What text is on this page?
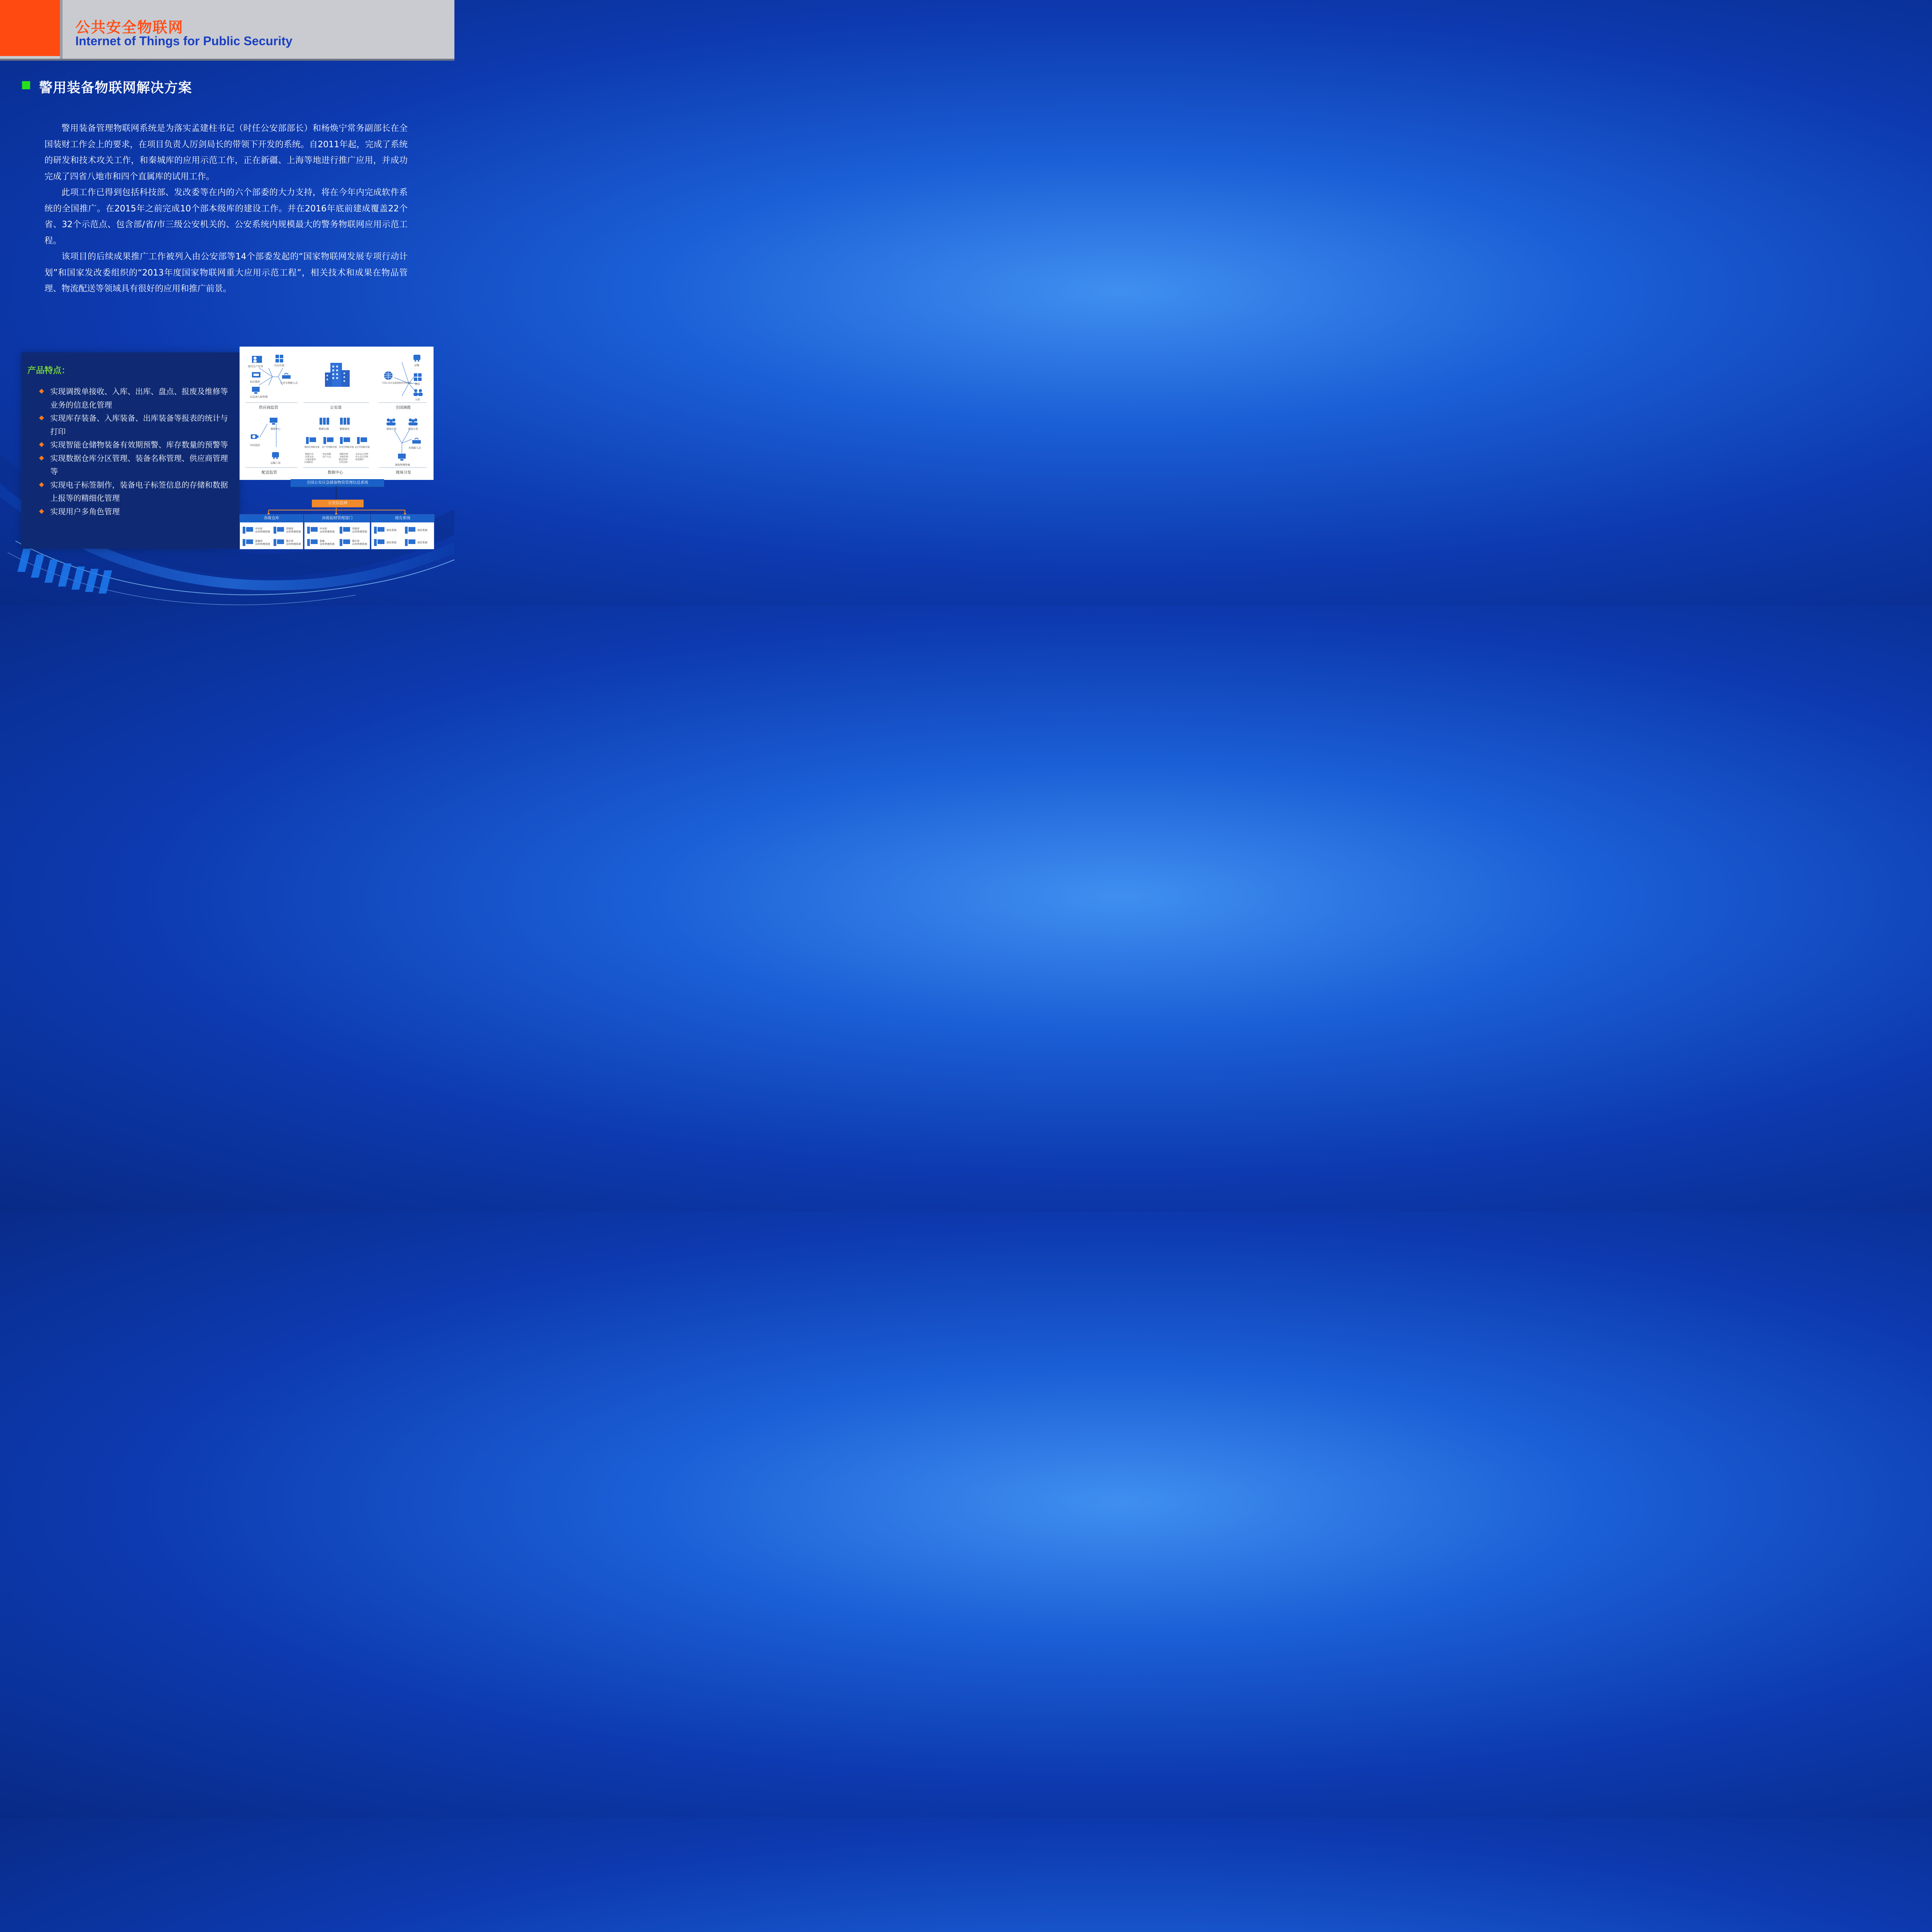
公共安全物联网
Internet of Things for Public Security
警用装备物联网解决方案

警用装备管理物联网系统是为落实孟建柱书记（时任公安部部长）和杨焕宁常务副部长在全国装财工作会上的要求，在项目负责人厉剑局长的带领下开发的系统。自2011年起，完成了系统的研发和技术攻关工作，和秦城库的应用示范工作，正在新疆、上海等地进行推广应用，并成功完成了四省八地市和四个直属库的试用工作。

此项工作已得到包括科技部、发改委等在内的六个部委的大力支持，将在今年内完成软件系统的全国推广。在2015年之前完成10个部本级库的建设工作。并在2016年底前建成覆盖22个省、32个示范点、包含部/省/市三级公安机关的、公安系统内规模最大的警务物联网应用示范工程。

该项目的后续成果推广工作被列入由公安部等14个部委发起的“国家物联网发展专项行动计划”和国家发改委组织的“2013年度国家物联网重大应用示范工程”，相关技术和成果在物品管理、物流配送等领域具有很好的应用和推广前景。

产品特点：
实现调拨单接收、入库、出库、盘点、报废及维修等业务的信息化管理
实现库存装备、入库装备、出库装备等报表的统计与打印
实现智能仓储物装备有效期预警、库存数量的预警等
实现数据仓库分区管理、装备名称管理、供应商管理等
实现电子标签制作，装备电子标签信息的存储和数据上报等的精细化管理
实现用户多角色管理
接受生产任务	代存代管
标识制作	公安专网接入点
信息录入和管理
供应商监管	公安部
运输
全国公安应急储备物资管理系统 物资
分发
全国调拨
调度中心
实时监控
运输工具
配送监管
数据存储	数据备份
数据管理服务器
·数据共享
·决策支持
·可视化服务
区域联动
用户管理服务器
·角色权限
·用户日志
业务管理服务器
·调拨管理
·采购管理
配送管理
分发管理
运行管理服务器
·仓库运行管理
·中心运行管理
·系统维护
数据中心
现场分发	现场分发
无线接入点
现场管理终端
现场分发
全国公安应急储备物资管理信息系统
公安信息网
各级仓库
中央库
仓库管理系统
省级库
仓库管理系统
直属库
仓库管理系统
地市库
仓库管理系统
各级装财管理部门
中央库
仓库管理系统
省级库
仓库管理系统
直属
仓库管理系统
地市库
仓库管理系统
现有系统
现有系统	现有系统
现有系统	现有系统
